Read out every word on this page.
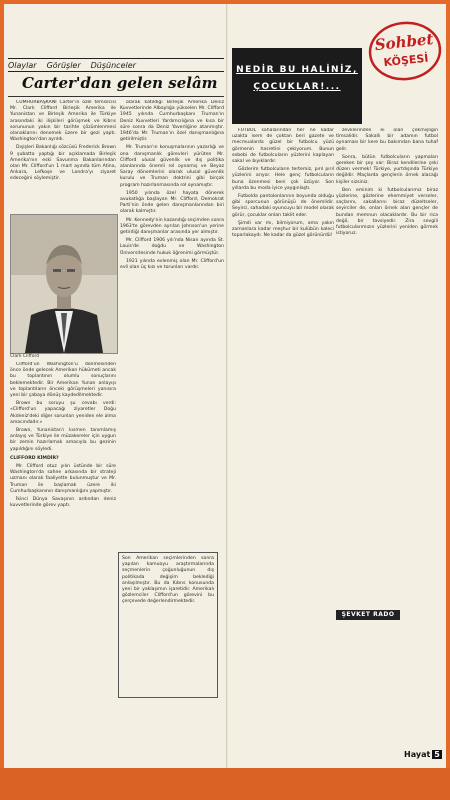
Olaylar Görüşler Düşünceler
Carter'dan gelen selâm

CUMHURBAŞKANI Carter'in özel temsilcisi Mr. Clark Clifford Birleşik Amerika ile Yunanistan ve Birleşik Amerika ile Türkiye arasındaki iki ilişkileri görüşmek ve Kıbrıs sorununun yakın bir tarihte çözümlenmesi olanaklarını denemek üzere bir gezi yaptı. Washington'dan ayrıldı.

Dışişleri Bakanlığı sözcüsü Frederick Brown 9 şubatta yaptığı bir açıklamada Birleşik Amerika'nın eski Savunma Bakanlarından olan Mr. Clifford'un 1 mart ayında tüm Atina, Ankara, Lefkoşe ve Londra'yı ziyaret edeceğini söylemiştir.

Clark Clifford

Clifford'un Washington'u dönmesinden önce önde gelecek Amerikan hükümeti ancak bu toplantının olumlu sonuçlarını beklemektedir. Bir Amerikan Yunan anlayışı ve toplantıların önceki görüşmeleri yanısıra yeni bir çabaya dönüş kaydedilmektedir.

Brown bu soruyu şu cevabı verdi: «Clifford'un yapacağı ziyaretler Doğu Akdeniz'deki diğer sorunları yeniden ele alma amacındadır.»

Brown, Yunanistan'ı kısmen tanımlamış anlayış ve Türkiye ile müzakereler için uygun bir zemin hazırlamak amacıyla bu gezinin yapıldığını söyledi.

CLIFFORD KİMDİR?

Mr. Clifford otuz yılın üstünde bir süre Washington'da sahne arkasında bir strateji uzmanı olarak faaliyette bulunmuştur ve Mr. Truman ile başlamak üzere iki Cumhurbaşkanının danışmanlığını yapmıştır.

İkinci Dünya Savaşının ardından deniz kuvvetlerinde görev yaptı.

olarak katıldığı Birleşik Amerika Deniz Kuvvetlerinde Albaylığa yükselen Mr. Clifford 1945 yılında Cumhurbaşkanı Truman'ın Deniz Kuvvetleri Yardımcılığına ve kısa bir süre sonra da Deniz Yaverliğine atanmıştır. 1946'da Mr. Truman'ın özel danışmanlığına getirilmiştir.

Mr. Truman'ın konuşmalarının yazarlığı ve ona danışmanlık görevleri yürüten Mr. Clifford ulusal güvenlik ve dış politika alanlarında önemli rol oynamış ve Beyaz Saray dönemlerini olarak ulusal güvenlik kurulu ve Truman doktrini gibi birçok program hazırlanmasında rol oynamıştır.

1950 yılında özel hayata dönerek avukatlığa başlayan Mr. Clifford, Demokrat Parti'nin önde gelen danışmanlarından biri olarak kalmıştır.

Mr. Kennedy'nin kazandığı seçimden sonra 1963'te görevden ayrılan Johnson'un yerine getirdiği danışmanlar arasında yer almıştır.

Mr. Clifford 1906 yılı'nda Nisan ayında St. Louis'de doğdu ve Washington Üniversitesinde hukuk öğrenimi görmüştür.

1921 yılında evlenmiş olan Mr. Clifford'un evli olan üç kızı ve torunları vardır.

Son Amerikan seçimlerinden sonra yapılan kamuoyu araştırmalarında seçmenlerin çoğunluğunun dış politikada değişim beklediği anlaşılmıştır. Bu da Kıbrıs konusunda yeni bir yaklaşımın işaretidir. Amerikalı gözlemciler Clifford'un görevini bu çerçevede değerlendirmektedir.
NEDİR BU HALİNİZ,
ÇOCUKLAR!...
Sohbet
KÖŞESİ

FUTBOL sahalarından her ne kadar uzakta isem de çoktan beri gazete ve mecmualarda güzel bir futbolcu yüzü görmenin hasretini çekiyorum. Bunun sebebi de futbolcuların yüzlerini kaplayan sakal ve bıyıklardır.

Gözlerim futbolcuların tertemiz, pırıl pırıl yüzlerini arıyor. Hele genç futbolcuların buna özenmesi beni çok üzüyor. Son yıllarda bu moda iyice yaygınlaştı.

Futbolda pantolonlarının boyunda olduğu gibi sporcunun görünüşü de önemlidir. Seyirci, sahadaki oyuncuyu bir model olarak görür, çocuklar onları taklit eder.

Şimdi var mı, bilmiyorum, ama yakın zamanlara kadar meşhur bir kulübün kaleci toparlakaydı. Ne kadar da güzel görünürdü!

zevklerinden ei olan çekmişliğin timsalidir. Sakallı bir adamın futbol oynaması bir kere bu bakımdan bana tuhaf gelir.

Sonra, bütün futbolcuların yapmaları gereken bir şey var: Biraz kendilerine çeki düzen vermek! Türkiye, yurtdışında Türkiye değildir. Maçlarda gençlerin örnek alacağı kişiler sizsiniz.

Ben eminim ki futbolcularımız biraz yüzlerine, gözlerine ehemmiyet verseler, saçlarını, sakallarını biraz düzeltseler, seyirciler de, onları örnek alan gençler de bundan memnun olacaklardır. Bu bir rica değil, bir tavsiyedir. Zira sevgili futbolcularımızın yüzlerini yeniden görmek istiyoruz.

ŞEVKET RADO
Hayat 5
